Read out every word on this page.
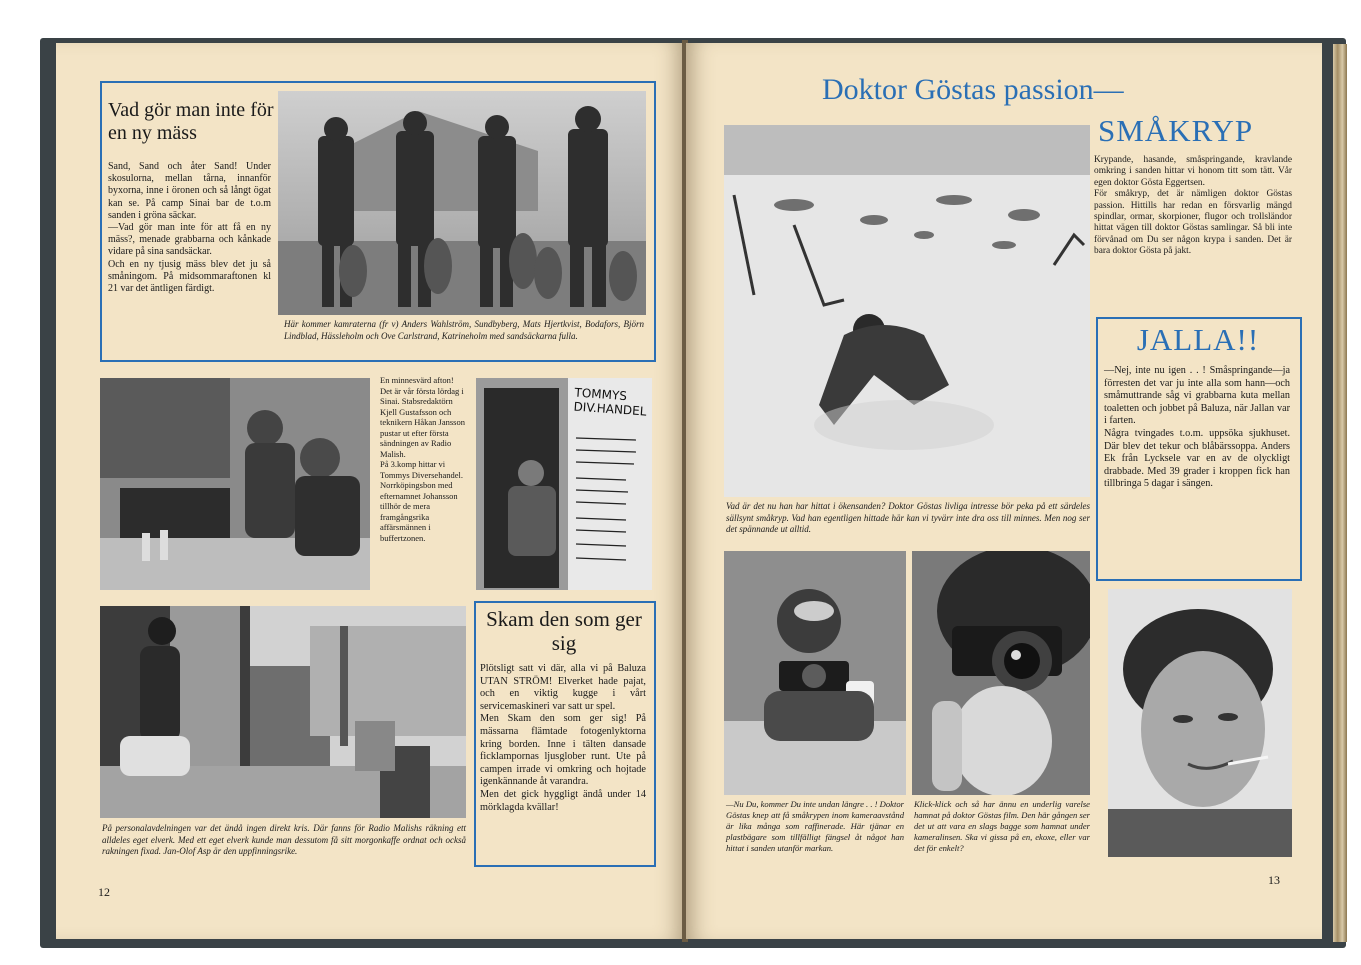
Vad gör man inte för en ny mäss
Sand, Sand och åter Sand! Under skosulorna, mellan tårna, innanför byxorna, inne i öronen och så långt ögat kan se. På camp Sinai bar de t.o.m sanden i gröna säckar.
—Vad gör man inte för att få en ny mäss?, menade grabbarna och kånkade vidare på sina sandsäckar.
Och en ny tjusig mäss blev det ju så småningom. På midsommaraftonen kl 21 var det äntligen färdigt.
Här kommer kamraterna (fr v) Anders Wahlström, Sundbyberg, Mats Hjertkvist, Bodafors, Björn Lindblad, Hässleholm och Ove Carlstrand, Katrineholm med sandsäckarna fulla.
En minnesvärd afton! Det är vår första lördag i Sinai. Stabsredaktörn Kjell Gustafsson och teknikern Håkan Jansson pustar ut efter första sändningen av Radio Malish.
På 3.komp hittar vi Tommys Diversehandel. Norrköpingsbon med efternamnet Johansson tillhör de mera framgångsrika affärsmännen i buffertzonen.
TOMMYS DIV.HANDEL
På personalavdelningen var det ändå ingen direkt kris. Där fanns för Radio Malishs räkning ett alldeles eget elverk. Med ett eget elverk kunde man dessutom få sitt morgonkaffe ordnat och också rakningen fixad. Jan-Olof Asp är den uppfinningsrike.
Skam den som ger sig
Plötsligt satt vi där, alla vi på Baluza UTAN STRÖM! Elverket hade pajat, och en viktig kugge i vårt servicemaskineri var satt ur spel.
Men Skam den som ger sig! På mässarna flämtade fotogenlyktorna kring borden. Inne i tälten dansade ficklampornas ljusglober runt. Ute på campen irrade vi omkring och hojtade igenkännande åt varandra.
Men det gick hyggligt ändå under 14 mörklagda kvällar!
12
Doktor Göstas passion—
SMÅKRYP
Vad är det nu han har hittat i ökensanden? Doktor Göstas livliga intresse bör peka på ett särdeles sällsynt småkryp. Vad han egentligen hittade här kan vi tyvärr inte dra oss till minnes. Men nog ser det spännande ut alltid.
Krypande, hasande, småspringande, kravlande omkring i sanden hittar vi honom titt som tätt. Vår egen doktor Gösta Eggertsen.
För småkryp, det är nämligen doktor Göstas passion. Hittills har redan en försvarlig mängd spindlar, ormar, skorpioner, flugor och trollsländor hittat vägen till doktor Göstas samlingar. Så bli inte förvånad om Du ser någon krypa i sanden. Det är bara doktor Gösta på jakt.
—Nu Du, kommer Du inte undan längre . . ! Doktor Göstas knep att få småkrypen inom kameraavstånd är lika många som raffinerade. Här tjänar en plastbägare som tillfälligt fängsel åt något han hittat i sanden utanför markan.
Klick-klick och så har ännu en underlig varelse hamnat på doktor Göstas film. Den här gången ser det ut att vara en slags bagge som hamnat under kameralinsen. Ska vi gissa på en, ekoxe, eller var det för enkelt?
JALLA!!
—Nej, inte nu igen . . ! Småspringande—ja förresten det var ju inte alla som hann—och småmuttrande såg vi grabbarna kuta mellan toaletten och jobbet på Baluza, när Jallan var i farten.
Några tvingades t.o.m. uppsöka sjukhuset. Där blev det tekur och blåbärssoppa. Anders Ek från Lycksele var en av de olyckligt drabbade. Med 39 grader i kroppen fick han tillbringa 5 dagar i sängen.
13
